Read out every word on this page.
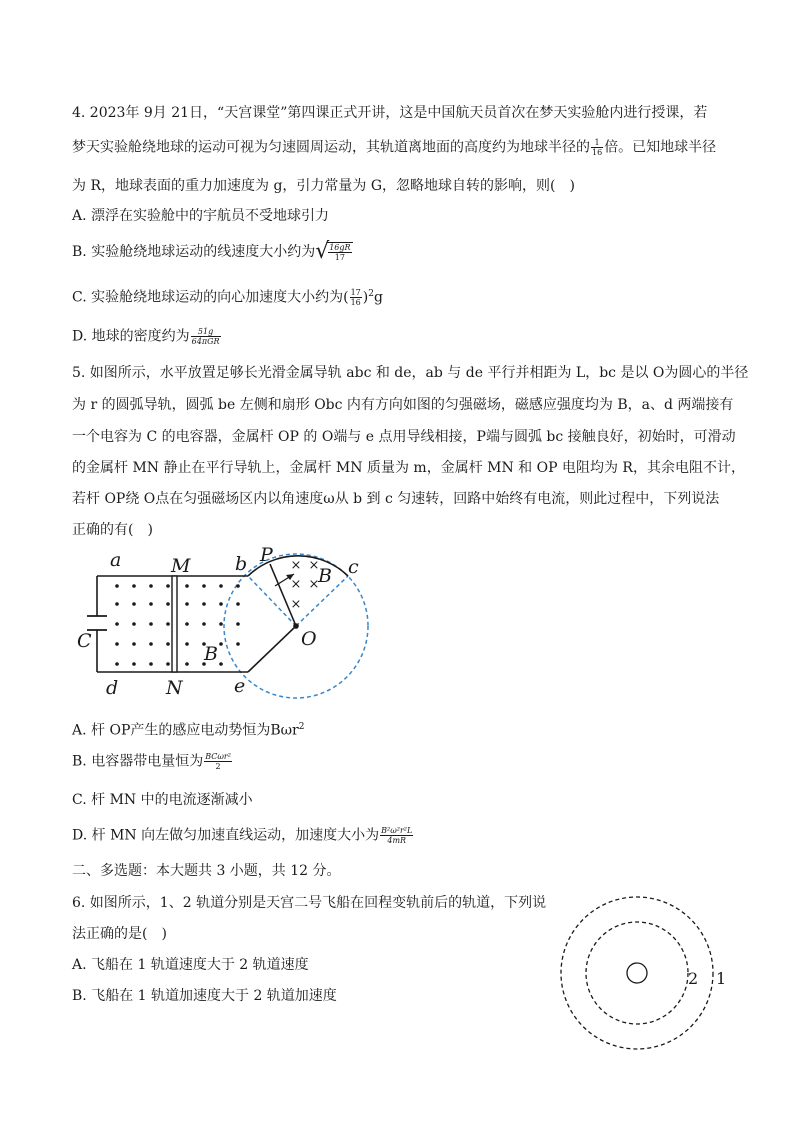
4. 2023年 9月 21日，“天宫课堂”第四课正式开讲，这是中国航天员首次在梦天实验舱内进行授课，若
梦天实验舱绕地球的运动可视为匀速圆周运动，其轨道离地面的高度约为地球半径的 $\frac{1}{16}$ 倍。已知地球半径
为 R，地球表面的重力加速度为 g，引力常量为 G，忽略地球自转的影响，则(　)
A. 漂浮在实验舱中的宇航员不受地球引力
B. 实验舱绕地球运动的线速度大小约为√ $\frac{16gR}{17}$
C. 实验舱绕地球运动的向心加速度大小约为( $\frac{17}{16} )^2g$
D. 地球的密度约为 $\frac{51g}{\text{64πGR}}$
5. 如图所示，水平放置足够长光滑金属导轨 abc 和 de，ab 与 de 平行并相距为 L，bc 是以 O为圆心的半径
为 r 的圆弧导轨，圆弧 be 左侧和扇形 Obc 内有方向如图的匀强磁场，磁感应强度均为 B，a、d 两端接有
一个电容为 C 的电容器，金属杆 OP 的 O端与 e 点用导线相接，P端与圆弧 bc 接触良好，初始时，可滑动
的金属杆 MN 静止在平行导轨上，金属杆 MN 质量为 m，金属杆 MN 和 OP 电阻均为 R，其余电阻不计，
若杆 OP绕 O点在匀强磁场区内以角速度ω从 b 到 c 匀速转，回路中始终有电流，则此过程中，下列说法
正确的有(　)
× ×
× ×
×
a	M b P
c
B
C	O
B
d	N	e
A. 杆 OP产生的感应电动势恒为Bωr$^2$
B. 电容器带电量恒为 $\frac{\text{BCωr²}}{2}$
C. 杆 MN 中的电流逐渐减小
D. 杆 MN 向左做匀加速直线运动，加速度大小为 $\frac{\text{B²ω²r²L}}{4mR}$
二、多选题：本大题共 3 小题，共 12 分。
6. 如图所示，1、2 轨道分别是天宫二号飞船在回程变轨前后的轨道，下列说
法正确的是(　)
A. 飞船在 1 轨道速度大于 2 轨道速度
B. 飞船在 1 轨道加速度大于 2 轨道加速度
2 1
